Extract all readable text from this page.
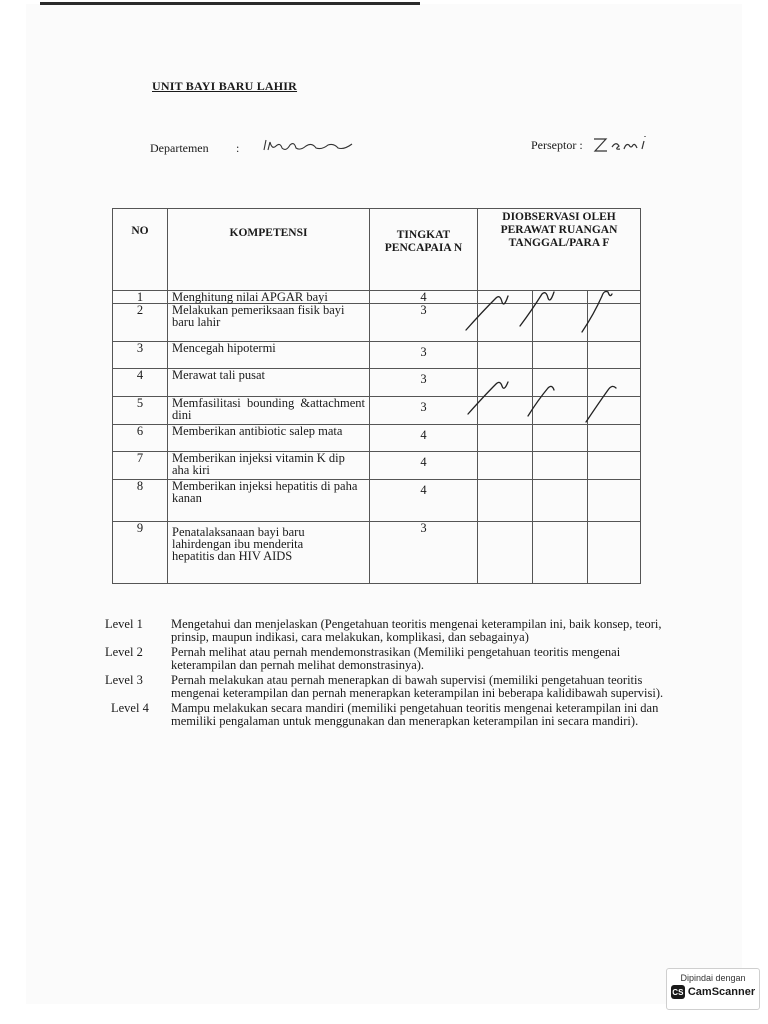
UNIT BAYI BARU LAHIR
Departemen :	Perseptor :
NO	KOMPETENSI	TINGKAT PENCAPAIA N	DIOBSERVASI OLEH PERAWAT RUANGAN TANGGAL/PARA F		
1	Menghitung nilai APGAR bayi	4			
2	Melakukan pemeriksaan fisik bayi baru lahir	3			
3	Mencegah hipotermi	3			
4	Merawat tali pusat	3			
5	Memfasilitasi bounding &attachment dini	3			
6	Memberikan antibiotic salep mata	4			
7	Memberikan injeksi vitamin K dip aha kiri	4			
8	Memberikan injeksi hepatitis di paha kanan	4			
9	Penatalaksanaan bayi baru lahirdengan ibu menderita hepatitis dan HIV AIDS	3			
Level 1	Mengetahui dan menjelaskan (Pengetahuan teoritis mengenai keterampilan ini, baik konsep, teori, prinsip, maupun indikasi, cara melakukan, komplikasi, dan sebagainya)
Level 2	Pernah melihat atau pernah mendemonstrasikan (Memiliki pengetahuan teoritis mengenai keterampilan dan pernah melihat demonstrasinya).
Level 3	Pernah melakukan atau pernah menerapkan di bawah supervisi (memiliki pengetahuan teoritis mengenai keterampilan dan pernah menerapkan keterampilan ini beberapa kalidibawah supervisi).
Level 4	Mampu melakukan secara mandiri (memiliki pengetahuan teoritis mengenai keterampilan ini dan memiliki pengalaman untuk menggunakan dan menerapkan keterampilan ini secara mandiri).
Dipindai dengan
CS CamScanner
